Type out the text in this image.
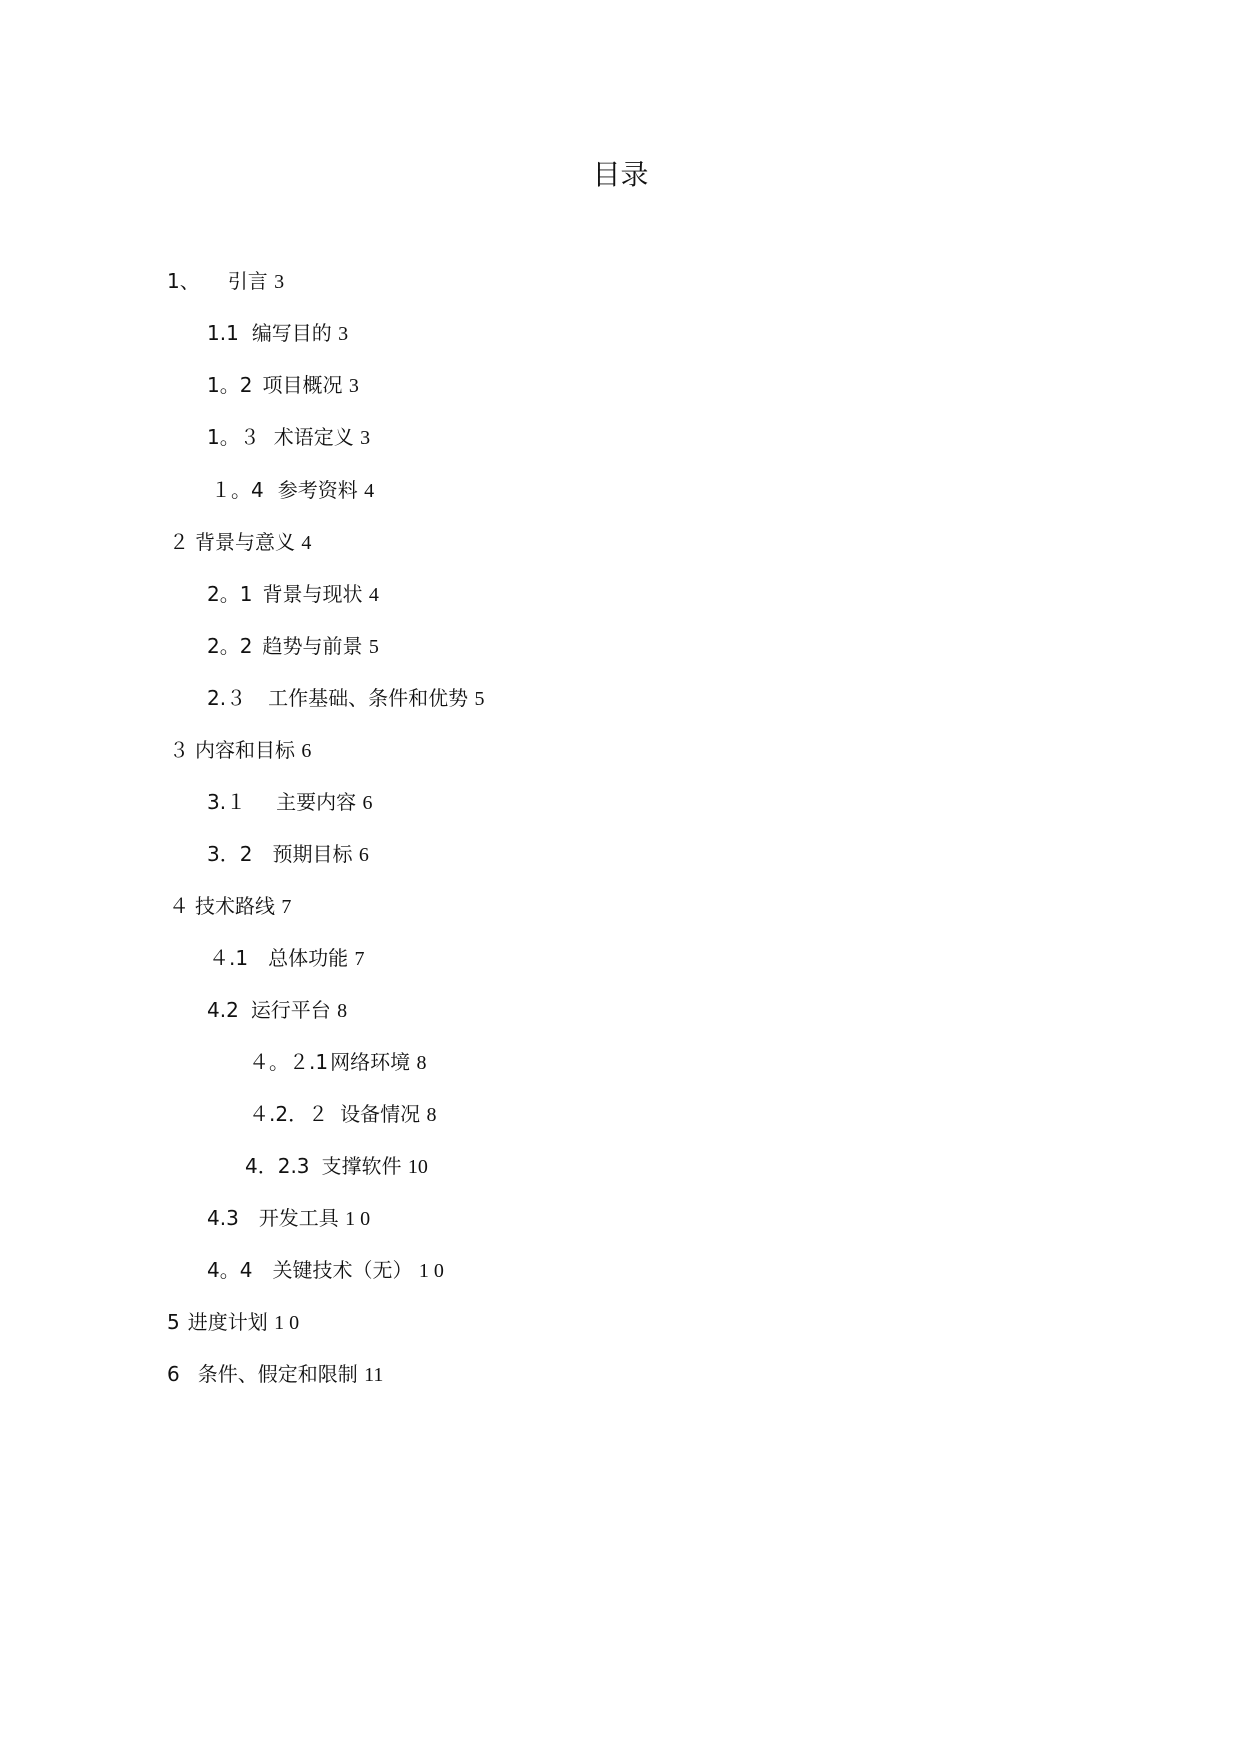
目录
1、 引言 3
1.1 编写目的 3
1。2 项目概况 3
1。３ 术语定义 3
１。4 参考资料 4
２ 背景与意义 4
2。1 背景与现状 4
2。2 趋势与前景 5
2.３ 工作基础、条件和优势 5
３ 内容和目标 6
3.１ 主要内容 6
3．2 预期目标 6
４ 技术路线 7
４.1 总体功能 7
4.2 运行平台 8
４。２.1 网络环境 8
４.2．２ 设备情况 8
4．2.3 支撑软件 10
4.3 开发工具 1 0
4。4 关键技术（无） 1 0
5 进度计划 1 0
6 条件、假定和限制 11
